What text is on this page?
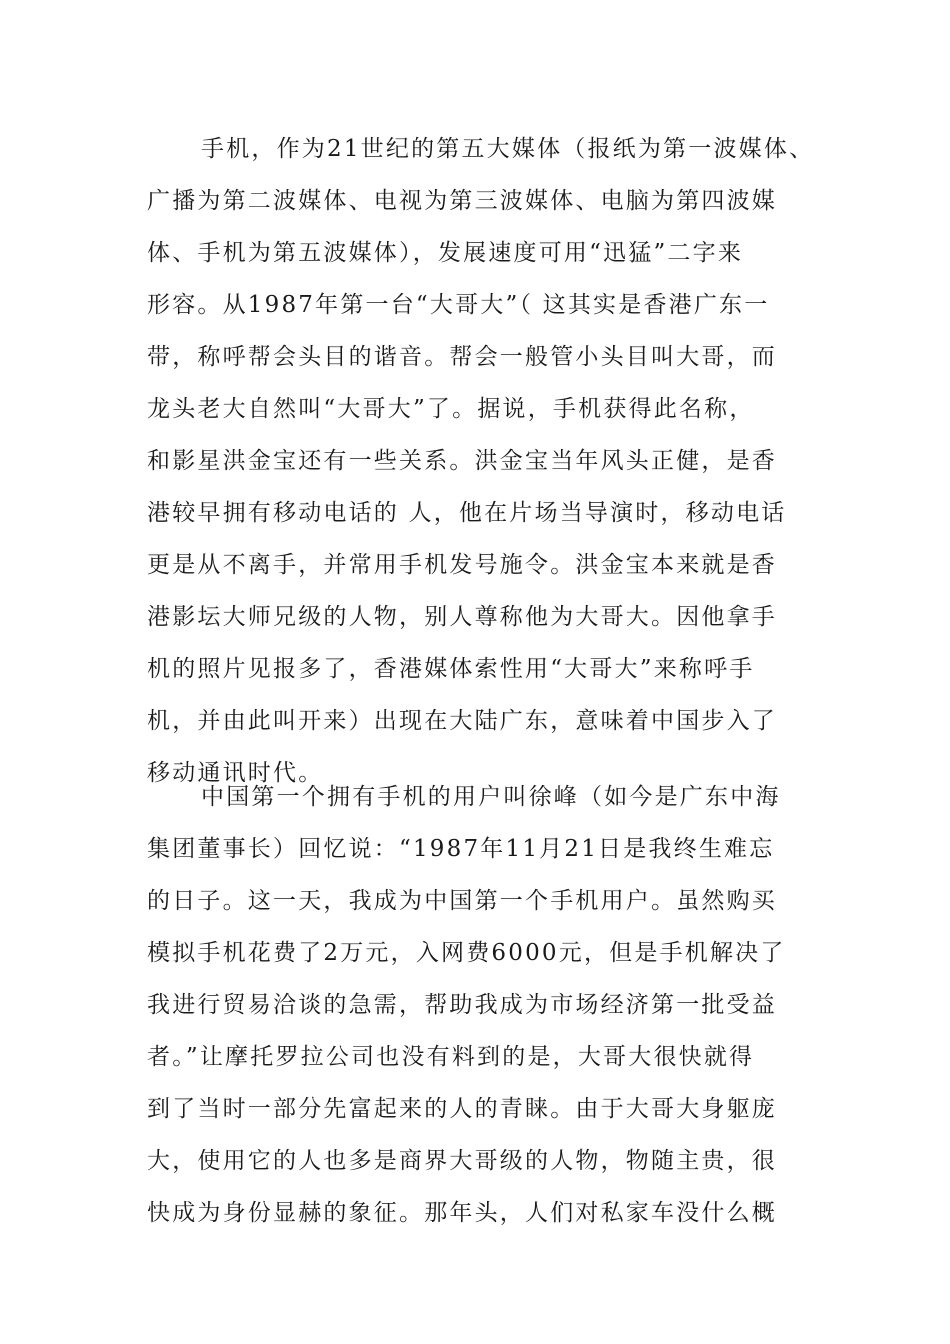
手机，作为21世纪的第五大媒体（报纸为第一波媒体、
广播为第二波媒体、电视为第三波媒体、电脑为第四波媒
体、手机为第五波媒体），发展速度可用“迅猛”二字来
形容。从1987年第一台“大哥大”（ 这其实是香港广东一
带，称呼帮会头目的谐音。帮会一般管小头目叫大哥，而
龙头老大自然叫“大哥大”了。据说，手机获得此名称，
和影星洪金宝还有一些关系。洪金宝当年风头正健，是香
港较早拥有移动电话的 人，他在片场当导演时，移动电话
更是从不离手，并常用手机发号施令。洪金宝本来就是香
港影坛大师兄级的人物，别人尊称他为大哥大。因他拿手
机的照片见报多了，香港媒体索性用“大哥大”来称呼手
机，并由此叫开来）出现在大陆广东，意味着中国步入了
移动通讯时代。
中国第一个拥有手机的用户叫徐峰（如今是广东中海
集团董事长）回忆说：“1987年11月21日是我终生难忘
的日子。这一天，我成为中国第一个手机用户。虽然购买
模拟手机花费了2万元，入网费6000元，但是手机解决了
我进行贸易洽谈的急需，帮助我成为市场经济第一批受益
者。”让摩托罗拉公司也没有料到的是，大哥大很快就得
到了当时一部分先富起来的人的青睐。由于大哥大身躯庞
大，使用它的人也多是商界大哥级的人物，物随主贵，很
快成为身份显赫的象征。那年头，人们对私家车没什么概
